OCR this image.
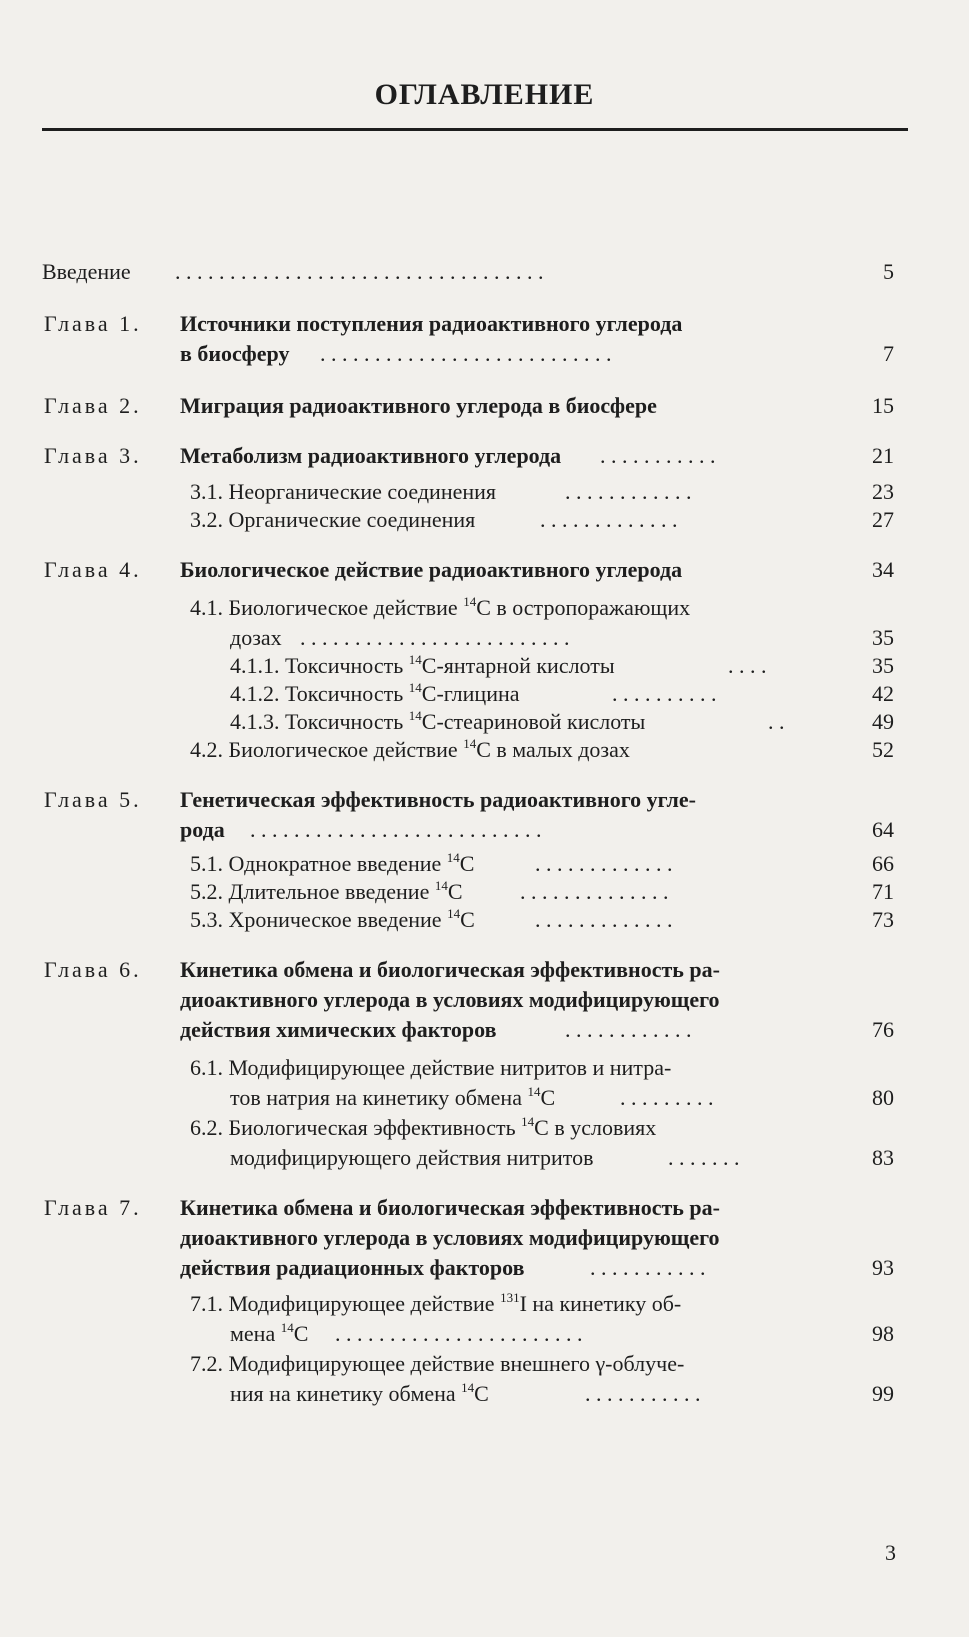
ОГЛАВЛЕНИЕ
Введение . . . . . . . . . . . . . . . . . . . . . . . . . . . . . . . . . .	5
Глава 1. Источники поступления радиоактивного углерода
в биосферу . . . . . . . . . . . . . . . . . . . . . . . . . . .	7
Глава 2. Миграция радиоактивного углерода в биосфере	15
Глава 3. Метаболизм радиоактивного углерода . . . . . . . . . . .	21
3.1. Неорганические соединения	. . . . . . . . . . . .	23
3.2. Органические соединения	. . . . . . . . . . . . .	27
Глава 4. Биологическое действие радиоактивного углерода	34
4.1. Биологическое действие $^{14}$С в остропоражающих
дозах . . . . . . . . . . . . . . . . . . . . . . . . .	35
4.1.1. Токсичность $^{14}$С-янтарной кислоты	. . . .	35
4.1.2. Токсичность $^{14}$С-глицина	. . . . . . . . . .	42
4.1.3. Токсичность $^{14}$С-стеариновой кислоты	. .	49
4.2. Биологическое действие $^{14}$С в малых дозах	52
Глава 5. Генетическая эффективность радиоактивного угле-
рода . . . . . . . . . . . . . . . . . . . . . . . . . . .	64
5.1. Однократное введение $^{14}$С	. . . . . . . . . . . . .	66
5.2. Длительное введение $^{14}$С	. . . . . . . . . . . . . .	71
5.3. Хроническое введение $^{14}$С	. . . . . . . . . . . . .	73
Глава 6. Кинетика обмена и биологическая эффективность ра-
диоактивного углерода в условиях модифицирующего
действия химических факторов	. . . . . . . . . . . .	76
6.1. Модифицирующее действие нитритов и нитра-
тов натрия на кинетику обмена $^{14}$С	. . . . . . . . .	80
6.2. Биологическая эффективность $^{14}$С в условиях
модифицирующего действия нитритов	. . . . . . .	83
Глава 7. Кинетика обмена и биологическая эффективность ра-
диоактивного углерода в условиях модифицирующего
действия радиационных факторов	. . . . . . . . . . .	93
7.1. Модифицирующее действие $^{131}$I на кинетику об-
мена $^{14}$С . . . . . . . . . . . . . . . . . . . . . . .	98
7.2. Модифицирующее действие внешнего γ-облуче-
ния на кинетику обмена $^{14}$С	. . . . . . . . . . .	99
3
